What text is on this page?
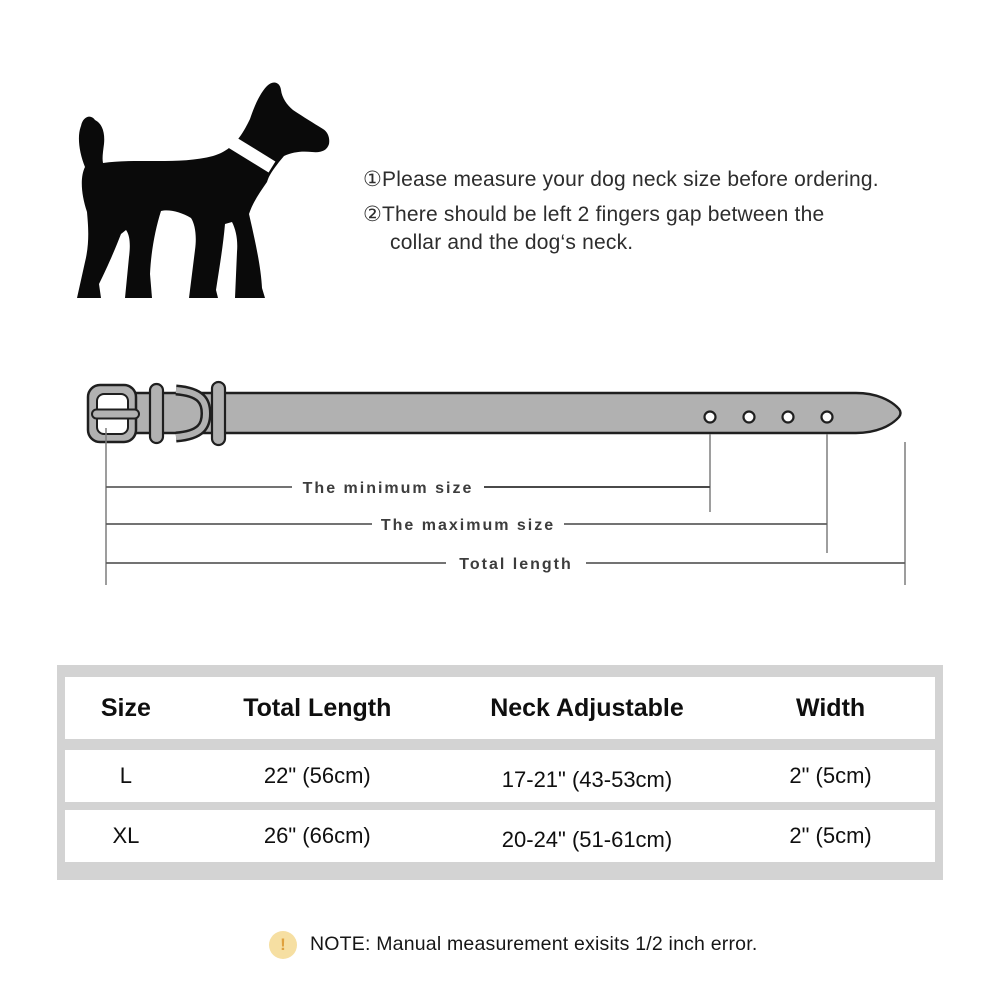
①Please measure your dog neck size before ordering.
②There should be left 2 fingers gap between the
collar and the dog‘s neck.
The minimum size
The maximum size
Total length
Size	Total Length	Neck Adjustable	Width
L	22" (56cm)	17-21" (43-53cm)	2" (5cm)
XL	26" (66cm)	20-24" (51-61cm)	2" (5cm)
! NOTE: Manual measurement exisits 1/2 inch error.
